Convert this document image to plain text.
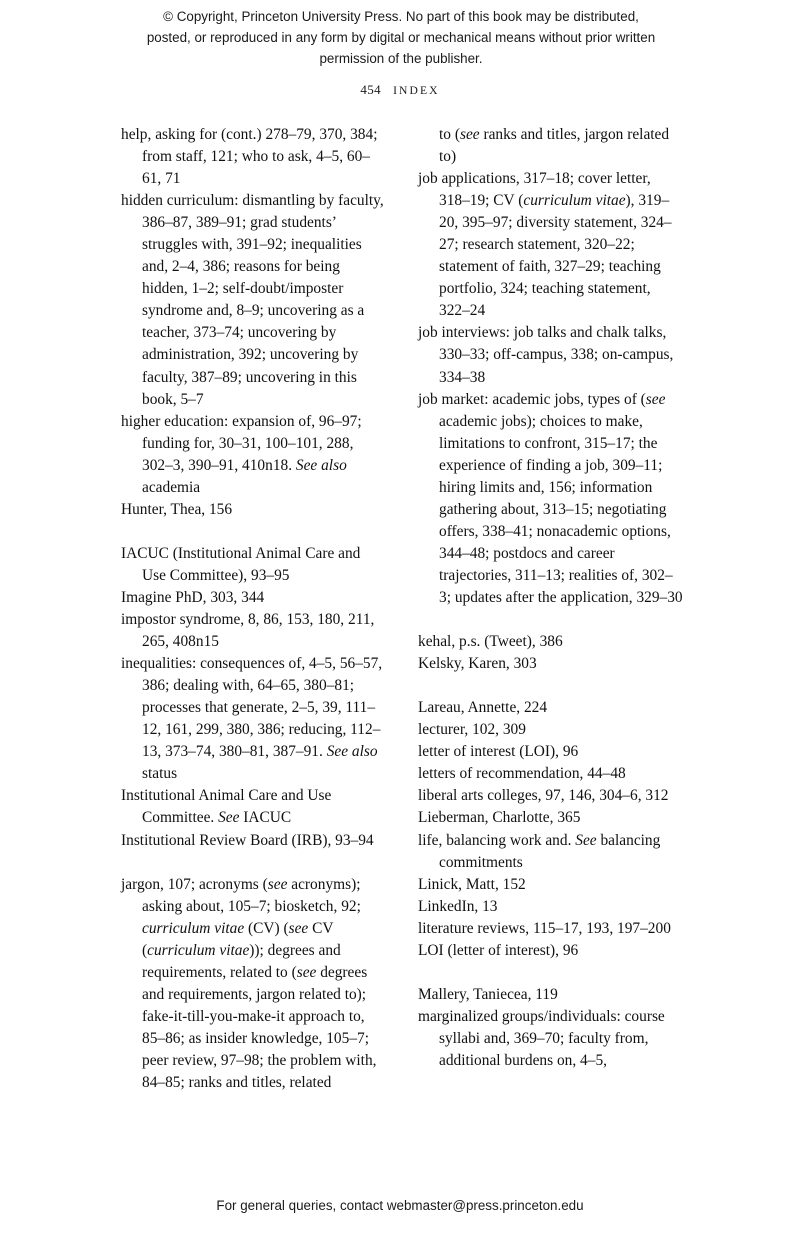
© Copyright, Princeton University Press. No part of this book may be distributed, posted, or reproduced in any form by digital or mechanical means without prior written permission of the publisher.
454 INDEX
help, asking for (cont.) 278–79, 370, 384; from staff, 121; who to ask, 4–5, 60–61, 71
hidden curriculum: dismantling by faculty, 386–87, 389–91; grad students’ struggles with, 391–92; inequalities and, 2–4, 386; reasons for being hidden, 1–2; self-doubt/imposter syndrome and, 8–9; uncovering as a teacher, 373–74; uncovering by administration, 392; uncovering by faculty, 387–89; uncovering in this book, 5–7
higher education: expansion of, 96–97; funding for, 30–31, 100–101, 288, 302–3, 390–91, 410n18. See also academia
Hunter, Thea, 156
IACUC (Institutional Animal Care and Use Committee), 93–95
Imagine PhD, 303, 344
impostor syndrome, 8, 86, 153, 180, 211, 265, 408n15
inequalities: consequences of, 4–5, 56–57, 386; dealing with, 64–65, 380–81; processes that generate, 2–5, 39, 111–12, 161, 299, 380, 386; reducing, 112–13, 373–74, 380–81, 387–91. See also status
Institutional Animal Care and Use Committee. See IACUC
Institutional Review Board (IRB), 93–94
jargon, 107; acronyms (see acronyms); asking about, 105–7; biosketch, 92; curriculum vitae (CV) (see CV (curriculum vitae)); degrees and requirements, related to (see degrees and requirements, jargon related to); fake-it-till-you-make-it approach to, 85–86; as insider knowledge, 105–7; peer review, 97–98; the problem with, 84–85; ranks and titles, related
to (see ranks and titles, jargon related to)
job applications, 317–18; cover letter, 318–19; CV (curriculum vitae), 319–20, 395–97; diversity statement, 324–27; research statement, 320–22; statement of faith, 327–29; teaching portfolio, 324; teaching statement, 322–24
job interviews: job talks and chalk talks, 330–33; off-campus, 338; on-campus, 334–38
job market: academic jobs, types of (see academic jobs); choices to make, limitations to confront, 315–17; the experience of finding a job, 309–11; hiring limits and, 156; information gathering about, 313–15; negotiating offers, 338–41; nonacademic options, 344–48; postdocs and career trajectories, 311–13; realities of, 302–3; updates after the application, 329–30
kehal, p.s. (Tweet), 386
Kelsky, Karen, 303
Lareau, Annette, 224
lecturer, 102, 309
letter of interest (LOI), 96
letters of recommendation, 44–48
liberal arts colleges, 97, 146, 304–6, 312
Lieberman, Charlotte, 365
life, balancing work and. See balancing commitments
Linick, Matt, 152
LinkedIn, 13
literature reviews, 115–17, 193, 197–200
LOI (letter of interest), 96
Mallery, Taniecea, 119
marginalized groups/individuals: course syllabi and, 369–70; faculty from, additional burdens on, 4–5,
For general queries, contact webmaster@press.princeton.edu
